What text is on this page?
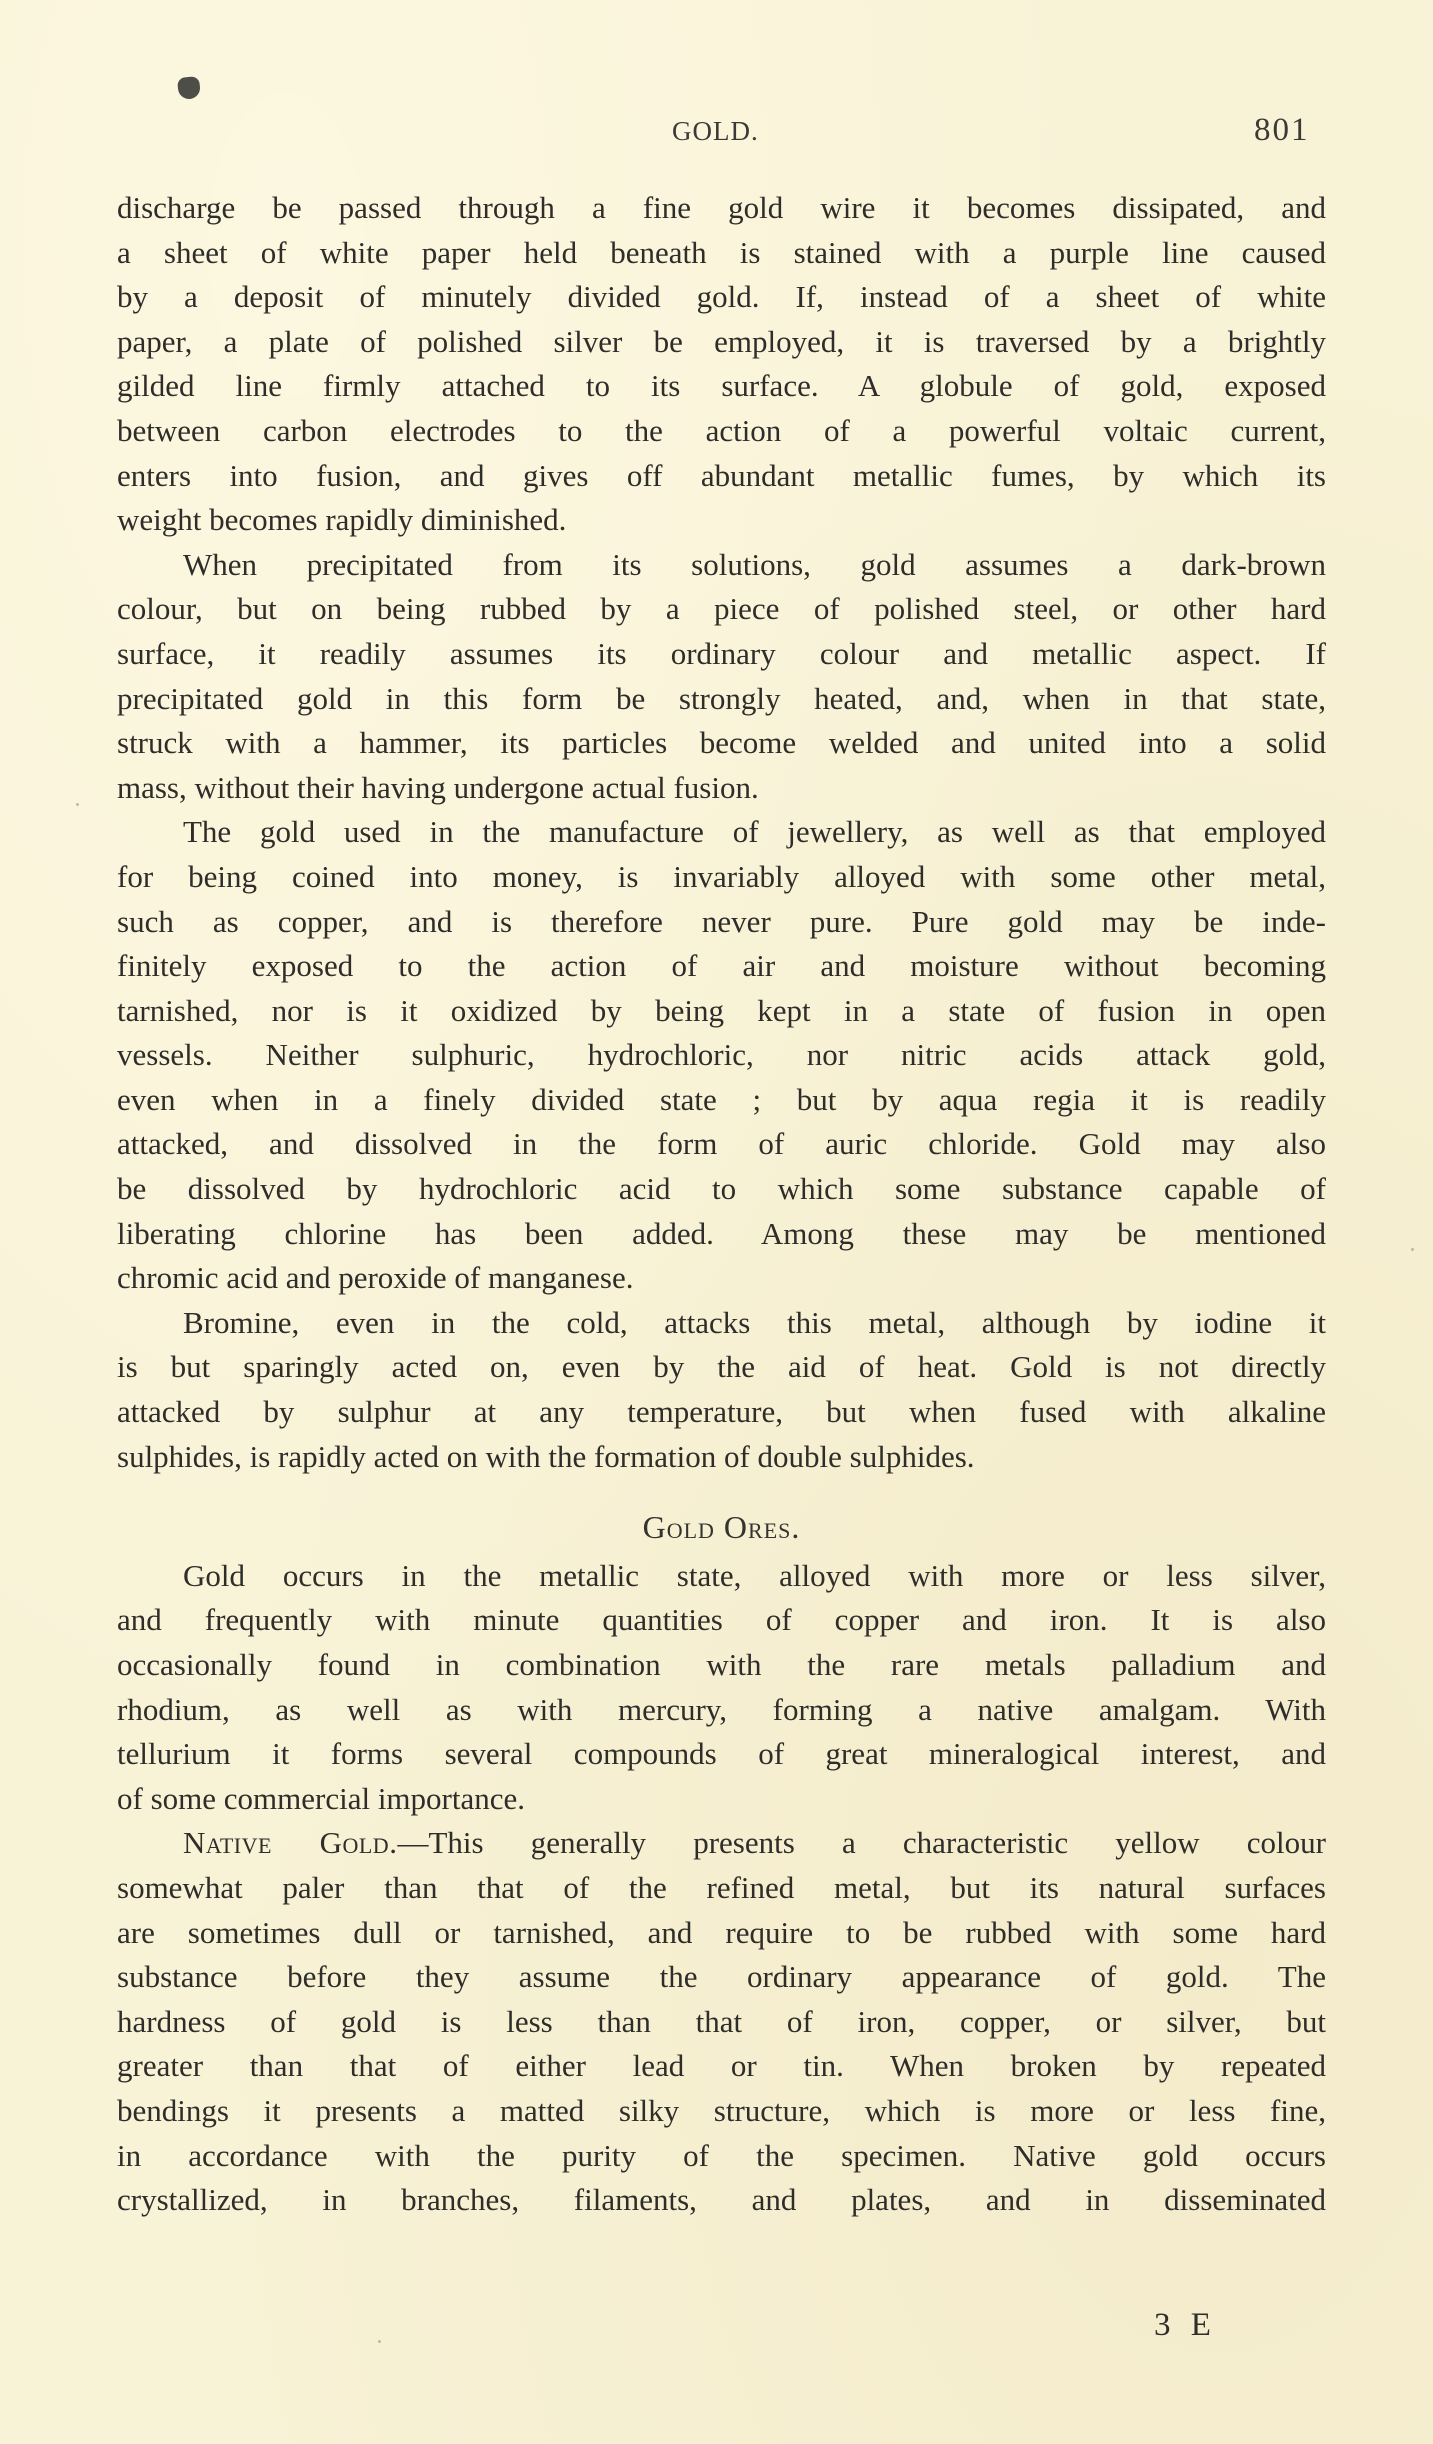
GOLD.	801

discharge be passed through a fine gold wire it becomes dissipated, and
a sheet of white paper held beneath is stained with a purple line caused
by a deposit of minutely divided gold. If, instead of a sheet of white
paper, a plate of polished silver be employed, it is traversed by a brightly
gilded line firmly attached to its surface. A globule of gold, exposed
between carbon electrodes to the action of a powerful voltaic current,
enters into fusion, and gives off abundant metallic fumes, by which its
weight becomes rapidly diminished.

When precipitated from its solutions, gold assumes a dark-brown
colour, but on being rubbed by a piece of polished steel, or other hard
surface, it readily assumes its ordinary colour and metallic aspect. If
precipitated gold in this form be strongly heated, and, when in that state,
struck with a hammer, its particles become welded and united into a solid
mass, without their having undergone actual fusion.

The gold used in the manufacture of jewellery, as well as that employed
for being coined into money, is invariably alloyed with some other metal,
such as copper, and is therefore never pure. Pure gold may be inde-
finitely exposed to the action of air and moisture without becoming
tarnished, nor is it oxidized by being kept in a state of fusion in open
vessels. Neither sulphuric, hydrochloric, nor nitric acids attack gold,
even when in a finely divided state ; but by aqua regia it is readily
attacked, and dissolved in the form of auric chloride. Gold may also
be dissolved by hydrochloric acid to which some substance capable of
liberating chlorine has been added. Among these may be mentioned
chromic acid and peroxide of manganese.

Bromine, even in the cold, attacks this metal, although by iodine it
is but sparingly acted on, even by the aid of heat. Gold is not directly
attacked by sulphur at any temperature, but when fused with alkaline
sulphides, is rapidly acted on with the formation of double sulphides.

Gold Ores.

Gold occurs in the metallic state, alloyed with more or less silver,
and frequently with minute quantities of copper and iron. It is also
occasionally found in combination with the rare metals palladium and
rhodium, as well as with mercury, forming a native amalgam. With
tellurium it forms several compounds of great mineralogical interest, and
of some commercial importance.

Native Gold.—This generally presents a characteristic yellow colour
somewhat paler than that of the refined metal, but its natural surfaces
are sometimes dull or tarnished, and require to be rubbed with some hard
substance before they assume the ordinary appearance of gold. The
hardness of gold is less than that of iron, copper, or silver, but
greater than that of either lead or tin. When broken by repeated
bendings it presents a matted silky structure, which is more or less fine,
in accordance with the purity of the specimen. Native gold occurs
crystallized, in branches, filaments, and plates, and in disseminated

3 E
